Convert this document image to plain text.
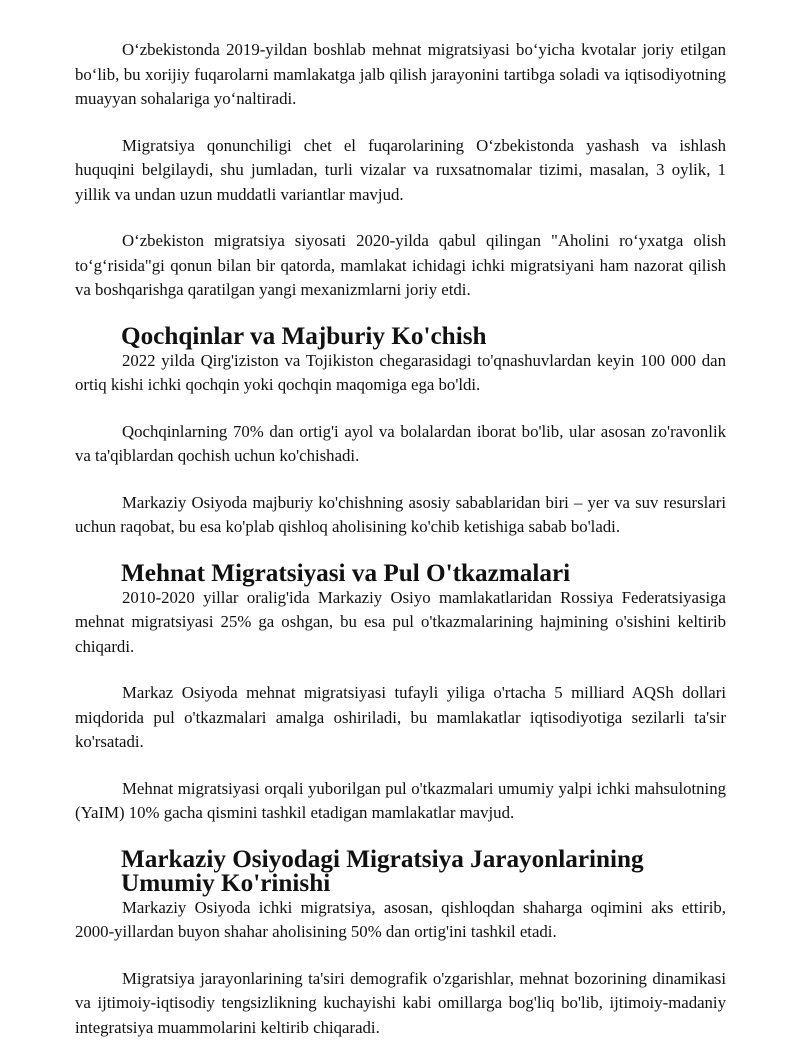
O‘zbekistonda 2019-yildan boshlab mehnat migratsiyasi bo‘yicha kvotalar joriy etilgan bo‘lib, bu xorijiy fuqarolarni mamlakatga jalb qilish jarayonini tartibga soladi va iqtisodiyotning muayyan sohalariga yo‘naltiradi.

Migratsiya qonunchiligi chet el fuqarolarining O‘zbekistonda yashash va ishlash huquqini belgilaydi, shu jumladan, turli vizalar va ruxsatnomalar tizimi, masalan, 3 oylik, 1 yillik va undan uzun muddatli variantlar mavjud.

O‘zbekiston migratsiya siyosati 2020-yilda qabul qilingan "Aholini ro‘yxatga olish to‘g‘risida"gi qonun bilan bir qatorda, mamlakat ichidagi ichki migratsiyani ham nazorat qilish va boshqarishga qaratilgan yangi mexanizmlarni joriy etdi.

Qochqinlar va Majburiy Ko'chish

2022 yilda Qirg'iziston va Tojikiston chegarasidagi to'qnashuvlardan keyin 100 000 dan ortiq kishi ichki qochqin yoki qochqin maqomiga ega bo'ldi.

Qochqinlarning 70% dan ortig'i ayol va bolalardan iborat bo'lib, ular asosan zo'ravonlik va ta'qiblardan qochish uchun ko'chishadi.

Markaziy Osiyoda majburiy ko'chishning asosiy sabablaridan biri – yer va suv resurslari uchun raqobat, bu esa ko'plab qishloq aholisining ko'chib ketishiga sabab bo'ladi.

Mehnat Migratsiyasi va Pul O'tkazmalari

2010-2020 yillar oralig'ida Markaziy Osiyo mamlakatlaridan Rossiya Federatsiyasiga mehnat migratsiyasi 25% ga oshgan, bu esa pul o'tkazmalarining hajmining o'sishini keltirib chiqardi.

Markaz Osiyoda mehnat migratsiyasi tufayli yiliga o'rtacha 5 milliard AQSh dollari miqdorida pul o'tkazmalari amalga oshiriladi, bu mamlakatlar iqtisodiyotiga sezilarli ta'sir ko'rsatadi.

Mehnat migratsiyasi orqali yuborilgan pul o'tkazmalari umumiy yalpi ichki mahsulotning (YaIM) 10% gacha qismini tashkil etadigan mamlakatlar mavjud.

Markaziy Osiyodagi Migratsiya Jarayonlarining Umumiy Ko'rinishi

Markaziy Osiyoda ichki migratsiya, asosan, qishloqdan shaharga oqimini aks ettirib, 2000-yillardan buyon shahar aholisining 50% dan ortig'ini tashkil etadi.

Migratsiya jarayonlarining ta'siri demografik o'zgarishlar, mehnat bozorining dinamikasi va ijtimoiy-iqtisodiy tengsizlikning kuchayishi kabi omillarga bog'liq bo'lib, ijtimoiy-madaniy integratsiya muammolarini keltirib chiqaradi.
